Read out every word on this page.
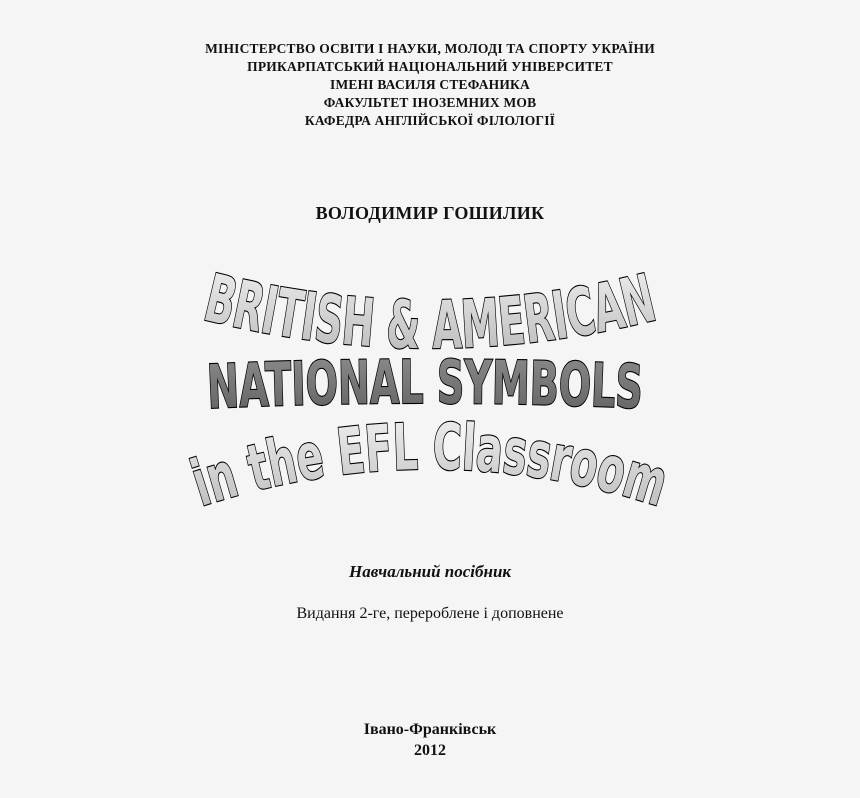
МІНІСТЕРСТВО ОСВІТИ І НАУКИ, МОЛОДІ ТА СПОРТУ УКРАЇНИ
ПРИКАРПАТСЬКИЙ НАЦІОНАЛЬНИЙ УНІВЕРСИТЕТ
ІМЕНІ ВАСИЛЯ СТЕФАНИКА
ФАКУЛЬТЕТ ІНОЗЕМНИХ МОВ
КАФЕДРА АНГЛІЙСЬКОЇ ФІЛОЛОГІЇ
ВОЛОДИМИР ГОШИЛИК
BRITISH & AMERICAN
NATIONAL SYMBOLS
in the EFL Classroom
Навчальний посібник
Видання 2-ге, перероблене і доповнене
Івано-Франківськ
2012
